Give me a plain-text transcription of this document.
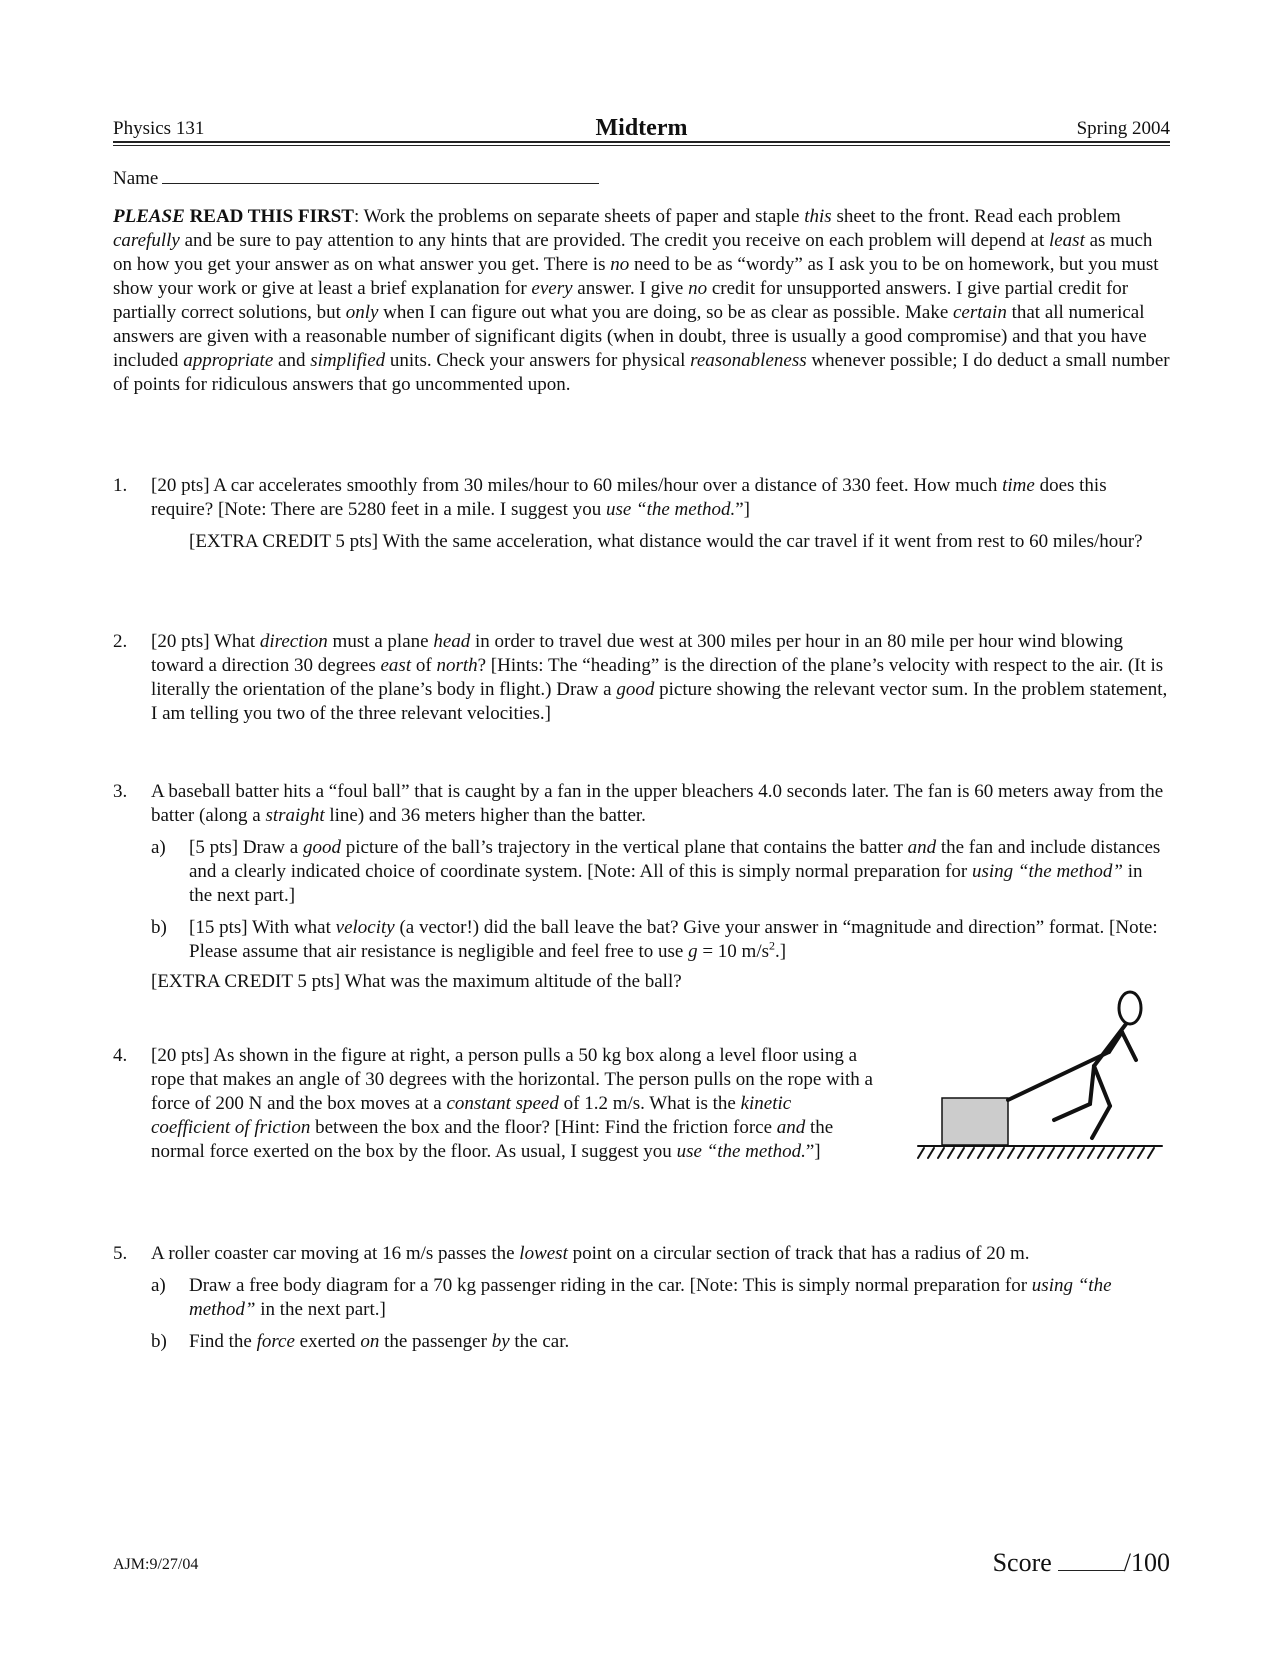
Physics 131	Midterm	Spring 2004
Name
PLEASE READ THIS FIRST: Work the problems on separate sheets of paper and staple this sheet to the front. Read each problem carefully and be sure to pay attention to any hints that are provided. The credit you receive on each problem will depend at least as much on how you get your answer as on what answer you get. There is no need to be as “wordy” as I ask you to be on homework, but you must show your work or give at least a brief explanation for every answer. I give no credit for unsupported answers. I give partial credit for partially correct solutions, but only when I can figure out what you are doing, so be as clear as possible. Make certain that all numerical answers are given with a reasonable number of significant digits (when in doubt, three is usually a good compromise) and that you have included appropriate and simplified units. Check your answers for physical reasonableness whenever possible; I do deduct a small number of points for ridiculous answers that go uncommented upon.
1. [20 pts] A car accelerates smoothly from 30 miles/hour to 60 miles/hour over a distance of 330 feet. How much time does this require? [Note: There are 5280 feet in a mile. I suggest you use “the method.”]
[EXTRA CREDIT 5 pts] With the same acceleration, what distance would the car travel if it went from rest to 60 miles/hour?
2. [20 pts] What direction must a plane head in order to travel due west at 300 miles per hour in an 80 mile per hour wind blowing toward a direction 30 degrees east of north? [Hints: The “heading” is the direction of the plane’s velocity with respect to the air. (It is literally the orientation of the plane’s body in flight.) Draw a good picture showing the relevant vector sum. In the problem statement, I am telling you two of the three relevant velocities.]
3. A baseball batter hits a “foul ball” that is caught by a fan in the upper bleachers 4.0 seconds later. The fan is 60 meters away from the batter (along a straight line) and 36 meters higher than the batter.
a) [5 pts] Draw a good picture of the ball’s trajectory in the vertical plane that contains the batter and the fan and include distances and a clearly indicated choice of coordinate system. [Note: All of this is simply normal preparation for using “the method” in the next part.]
b) [15 pts] With what velocity (a vector!) did the ball leave the bat? Give your answer in “magnitude and direction” format. [Note: Please assume that air resistance is negligible and feel free to use g = 10 $m/s^2$.]
[EXTRA CREDIT 5 pts] What was the maximum altitude of the ball?
4. [20 pts] As shown in the figure at right, a person pulls a 50 kg box along a level floor using a rope that makes an angle of 30 degrees with the horizontal. The person pulls on the rope with a force of 200 N and the box moves at a constant speed of 1.2 m/s. What is the kinetic coefficient of friction between the box and the floor? [Hint: Find the friction force and the normal force exerted on the box by the floor. As usual, I suggest you use “the method.”]
5. A roller coaster car moving at 16 m/s passes the lowest point on a circular section of track that has a radius of 20 m.
a) Draw a free body diagram for a 70 kg passenger riding in the car. [Note: This is simply normal preparation for using “the method” in the next part.]
b) Find the force exerted on the passenger by the car.
AJM:9/27/04	Score	/100
